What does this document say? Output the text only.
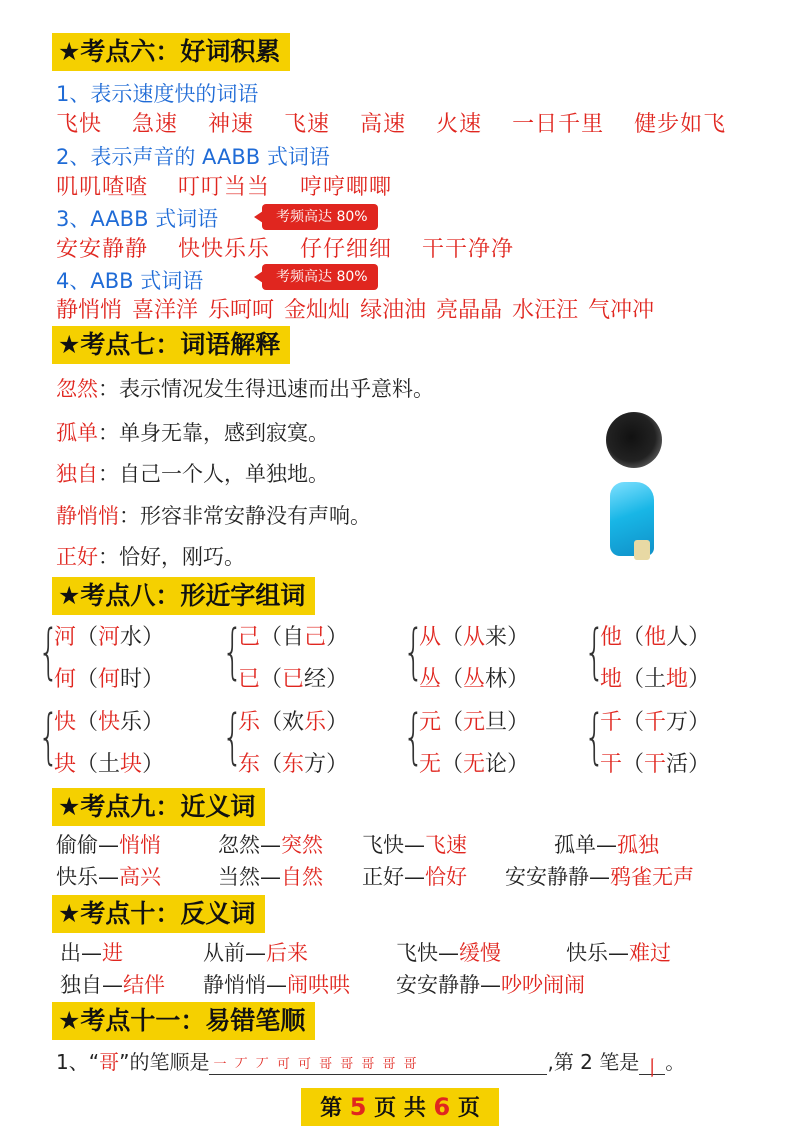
★考点六：好词积累
1、表示速度快的词语
飞快 急速 神速 飞速 高速 火速 一日千里 健步如飞
2、表示声音的 AABB 式词语
叽叽喳喳 叮叮当当 哼哼唧唧
3、AABB 式词语	考频高达 80%
安安静静 快快乐乐 仔仔细细 干干净净
4、ABB 式词语	考频高达 80%
静悄悄 喜洋洋 乐呵呵 金灿灿 绿油油 亮晶晶 水汪汪 气冲冲
★考点七：词语解释
忽然：表示情况发生得迅速而出乎意料。
孤单：单身无靠，感到寂寞。
独自：自己一个人，单独地。
静悄悄：形容非常安静没有声响。
正好：恰好，刚巧。
★考点八：形近字组词
{
河（河水）
何（何时） {
己（自己）
已（已经） {
从（从来）
丛（丛林） {
他（他人）
地（土地）
{
快（快乐）
块（土块） {
乐（欢乐）
东（东方） {
元（元旦）
无（无论） {
千（千万）
干（干活）
★考点九：近义词
偷偷—悄悄	忽然—突然 飞快—飞速	孤单—孤独
快乐—高兴	当然—自然 正好—恰好 安安静静—鸦雀无声
★考点十：反义词
出—进	从前—后来	飞快—缓慢	快乐—难过
独自—结伴 静悄悄—闹哄哄 安安静静—吵吵闹闹
★考点十一：易错笔顺
1、“哥”的笔顺是 一 丆 丆 可 可 哥 哥 哥 哥 哥	,第 2 笔是 丨 。
第 5 页 共 6 页
